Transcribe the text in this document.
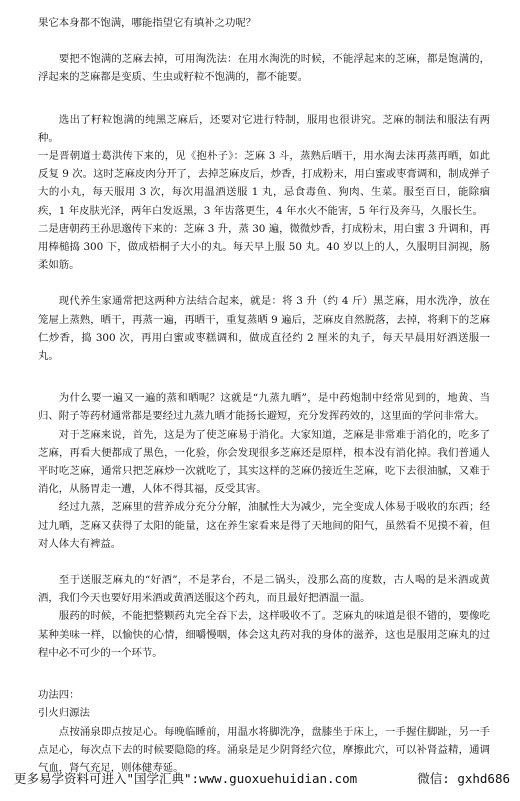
果它本身都不饱满，哪能指望它有填补之功呢？

要把不饱满的芝麻去掉，可用淘洗法：在用水淘洗的时候，不能浮起来的芝麻，都是饱满的，浮起来的芝麻都是变质、生虫或籽粒不饱满的，都不能要。

选出了籽粒饱满的纯黑芝麻后，还要对它进行特制，服用也很讲究。芝麻的制法和服法有两种。

一是晋朝道士葛洪传下来的，见《抱朴子》：芝麻 3 斗，蒸熟后晒干，用水淘去沫再蒸再晒，如此反复 9 次。这时芝麻皮肉分开了，去掉芝麻皮后，炒香，打成粉末，用白蜜或枣膏调和，制成弹子大的小丸，每天服用 3 次，每次用温酒送服 1 丸，忌食毒鱼、狗肉、生菜。服至百日，能除痼疾，1 年皮肤光泽，两年白发返黑，3 年齿落更生，4 年水火不能害，5 年行及奔马，久服长生。

二是唐朝药王孙思邈传下来的：芝麻 3 升，蒸 30 遍，微微炒香，打成粉末，用白蜜 3 升调和，再用棒槌捣 300 下，做成梧桐子大小的丸。每天早上服 50 丸。40 岁以上的人，久服明目洞视，肠柔如筋。

现代养生家通常把这两种方法结合起来，就是：将 3 升（约 4 斤）黑芝麻，用水洗净，放在笼屉上蒸熟，晒干，再蒸一遍，再晒干，重复蒸晒 9 遍后，芝麻皮自然脱落，去掉，将剩下的芝麻仁炒香，捣 300 次，再用白蜜或枣糕调和，做成直径约 2 厘米的丸子，每天早晨用好酒送服一丸。

为什么要一遍又一遍的蒸和晒呢？这就是“九蒸九晒”，是中药炮制中经常见到的，地黄、当归、附子等药材通常都是要经过九蒸九晒才能扬长避短，充分发挥药效的，这里面的学问非常大。

对于芝麻来说，首先，这是为了使芝麻易于消化。大家知道，芝麻是非常难于消化的，吃多了芝麻，再看大便都成了黑色，一化验，你会发现很多芝麻还是原样，根本没有消化掉。我们普通人平时吃芝麻，通常只把芝麻炒一次就吃了，其实这样的芝麻仍接近生芝麻，吃下去很油腻，又难于消化，从肠胃走一遭，人体不得其福，反受其害。

经过九蒸，芝麻里的营养成分充分分解，油腻性大为减少，完全变成人体易于吸收的东西；经过九晒，芝麻又获得了太阳的能量，这在养生家看来是得了天地间的阳气，虽然看不见摸不着，但对人体大有裨益。

至于送服芝麻丸的“好酒”，不是茅台，不是二锅头，没那么高的度数，古人喝的是米酒或黄酒，我们今天也要好用米酒或黄酒送服这个药丸，而且最好把酒温一温。

服药的时候，不能把整颗药丸完全吞下去，这样吸收不了。芝麻丸的味道是很不错的，要像吃某种美味一样，以愉快的心情，细嚼慢咽，体会这丸药对我的身体的滋养，这也是服用芝麻丸的过程中必不可少的一个环节。

功法四：

引火归源法

点按涌泉即点按足心。每晚临睡前，用温水将脚洗净，盘膝坐于床上，一手握住脚趾，另一手点足心，每次点下去的时候要隐隐的疼。涌泉是足少阴肾经穴位，摩擦此穴，可以补肾益精，通调气血，肾气充足，则体健寿延。

更多易学资料可进入"国学汇典":www.guoxuehuidian.com	微信: gxhd686
